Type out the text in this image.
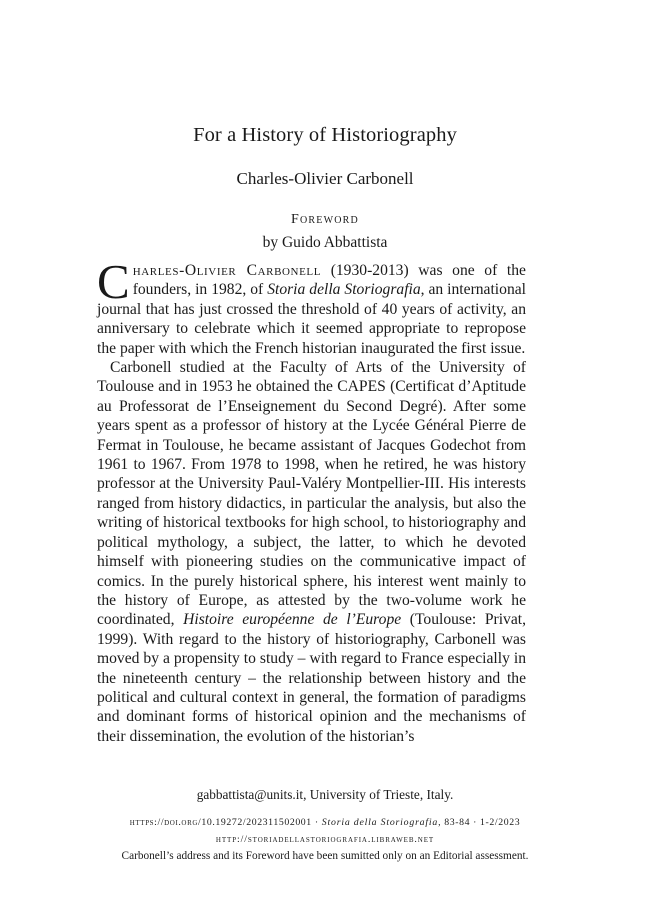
For a History of Historiography
Charles-Olivier Carbonell
Foreword
by Guido Abbattista

Charles-Olivier Carbonell (1930-2013) was one of the founders, in 1982, of Storia della Storiografia, an international journal that has just crossed the threshold of 40 years of activity, an anniversary to celebrate which it seemed appropriate to repropose the paper with which the French historian inaugurated the first issue.

Carbonell studied at the Faculty of Arts of the University of Toulouse and in 1953 he obtained the CAPES (Certificat d’Aptitude au Professorat de l’Enseignement du Second Degré). After some years spent as a professor of history at the Lycée Général Pierre de Fermat in Toulouse, he became assistant of Jacques Godechot from 1961 to 1967. From 1978 to 1998, when he retired, he was history professor at the University Paul-Valéry Montpellier-III. His interests ranged from history didactics, in particular the analysis, but also the writing of historical textbooks for high school, to historiography and political mythology, a subject, the latter, to which he devoted himself with pioneering studies on the communicative impact of comics. In the purely historical sphere, his interest went mainly to the history of Europe, as attested by the two-volume work he coordinated, Histoire européenne de l’Europe (Toulouse: Privat, 1999). With regard to the history of historiography, Carbonell was moved by a propensity to study – with regard to France especially in the nineteenth century – the relationship between history and the political and cultural context in general, the formation of paradigms and dominant forms of historical opinion and the mechanisms of their dissemination, the evolution of the historian’s

gabbattista@units.it, University of Trieste, Italy.
https://doi.org/10.19272/202311502001 · Storia della Storiografia, 83-84 · 1-2/2023
http://storiadellastoriografia.libraweb.net
Carbonell’s address and its Foreword have been sumitted only on an Editorial assessment.
